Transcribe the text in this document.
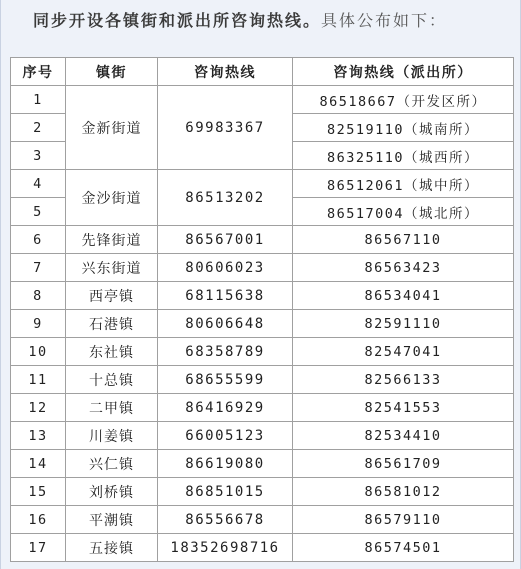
同步开设各镇街和派出所咨询热线。具体公布如下：
序号	镇街	咨询热线	咨询热线（派出所）
1	金新街道	69983367	86518667（开发区所）
2			82519110（城南所）
3			86325110（城西所）
4	金沙街道	86513202	86512061（城中所）
5			86517004（城北所）
6	先锋街道	86567001	86567110
7	兴东街道	80606023	86563423
8	西亭镇	68115638	86534041
9	石港镇	80606648	82591110
10	东社镇	68358789	82547041
11	十总镇	68655599	82566133
12	二甲镇	86416929	82541553
13	川姜镇	66005123	82534410
14	兴仁镇	86619080	86561709
15	刘桥镇	86851015	86581012
16	平潮镇	86556678	86579110
17	五接镇	18352698716	86574501
